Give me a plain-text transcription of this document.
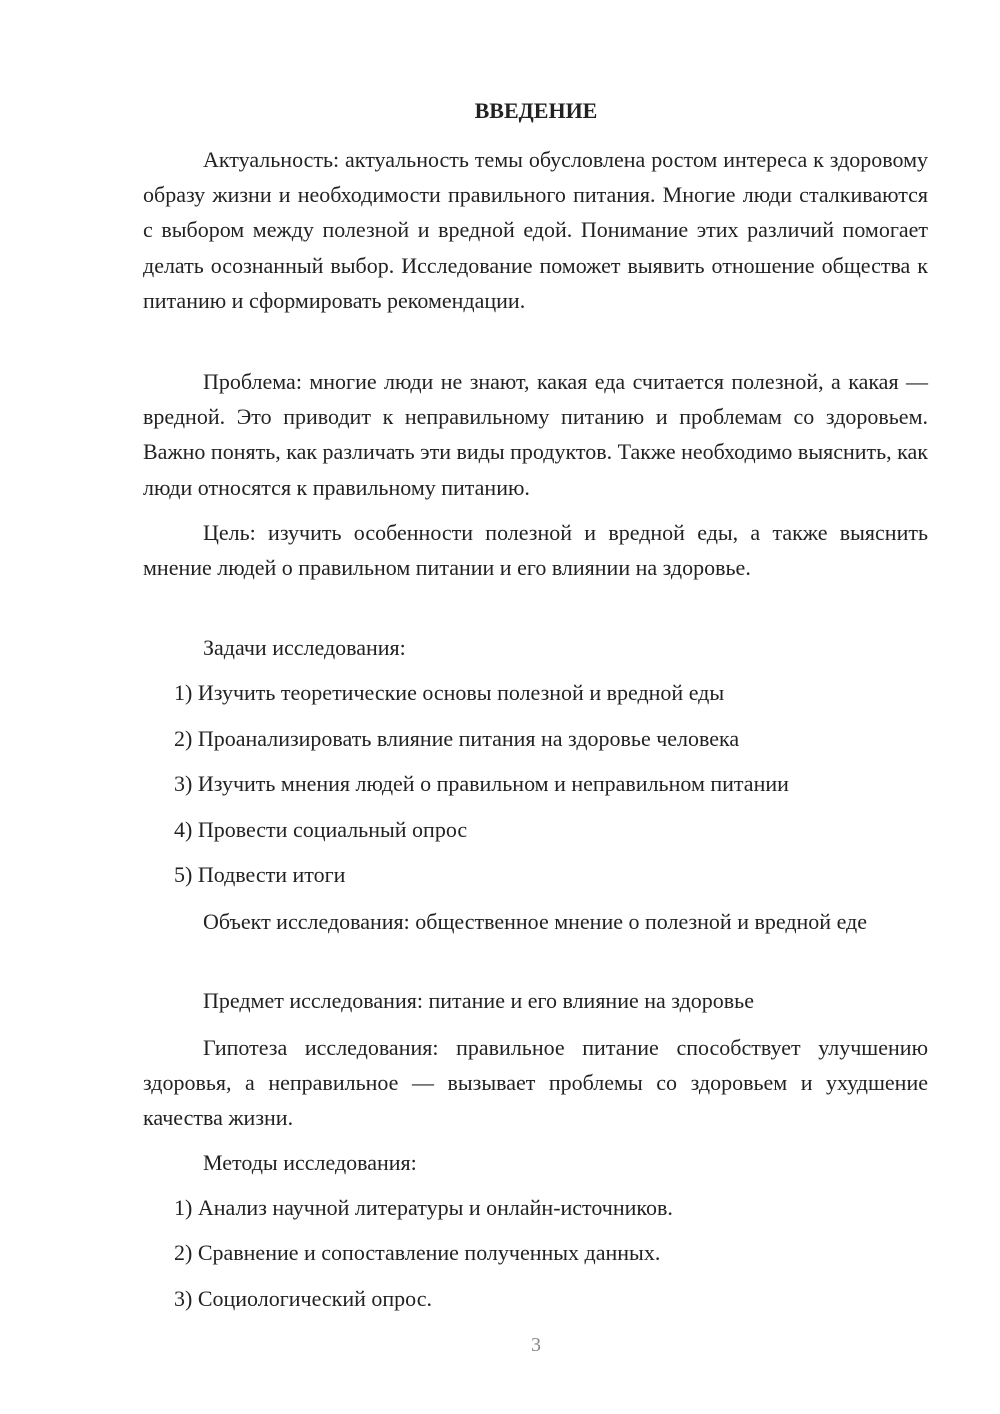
ВВЕДЕНИЕ

Актуальность: актуальность темы обусловлена ростом интереса к здоровому образу жизни и необходимости правильного питания. Многие люди сталкиваются с выбором между полезной и вредной едой. Понимание этих различий помогает делать осознанный выбор. Исследование поможет выявить отношение общества к питанию и сформировать рекомендации.

Проблема: многие люди не знают, какая еда считается полезной, а какая — вредной. Это приводит к неправильному питанию и проблемам со здоровьем. Важно понять, как различать эти виды продуктов. Также необходимо выяснить, как люди относятся к правильному питанию.

Цель: изучить особенности полезной и вредной еды, а также выяснить мнение людей о правильном питании и его влиянии на здоровье.

Задачи исследования:

1) Изучить теоретические основы полезной и вредной еды

2) Проанализировать влияние питания на здоровье человека

3) Изучить мнения людей о правильном и неправильном питании

4) Провести социальный опрос

5) Подвести итоги

Объект исследования: общественное мнение о полезной и вредной еде

Предмет исследования: питание и его влияние на здоровье

Гипотеза исследования: правильное питание способствует улучшению здоровья, а неправильное — вызывает проблемы со здоровьем и ухудшение качества жизни.

Методы исследования:

1) Анализ научной литературы и онлайн-источников.

2) Сравнение и сопоставление полученных данных.

3) Социологический опрос.

3
